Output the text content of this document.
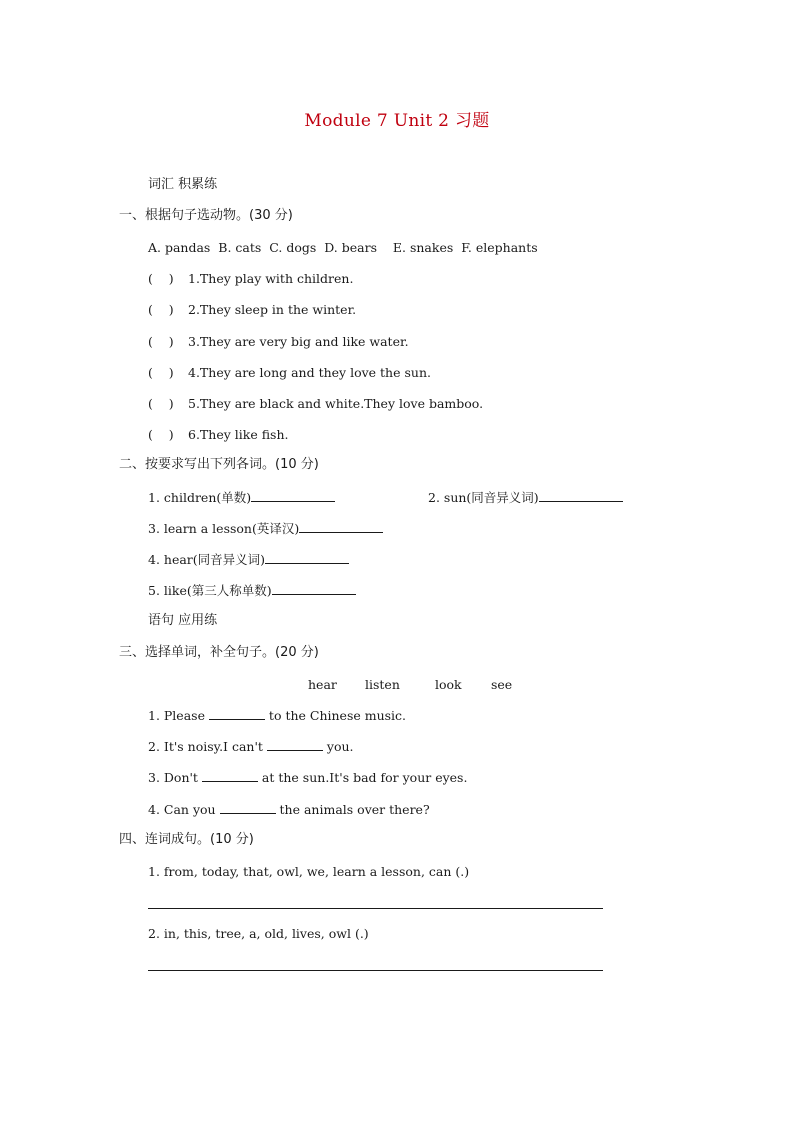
Module 7 Unit 2 习题
词汇 积累练
一、根据句子选动物。(30 分)
A. pandas  B. cats  C. dogs  D. bears    E. snakes  F. elephants
(    ) 1.They play with children.
(    ) 2.They sleep in the winter.
(    ) 3.They are very big and like water.
(    ) 4.They are long and they love the sun.
(    ) 5.They are black and white.They love bamboo.
(    ) 6.They like fish.
二、按要求写出下列各词。(10 分)
1. children(单数)	2. sun(同音异义词)
3. learn a lesson(英译汉)
4. hear(同音异义词)
5. like(第三人称单数)
语句 应用练
三、选择单词，补全句子。(20 分)
hear listen	look see
1. Please	to the Chinese music.
2. It's noisy.I can't	you.
3. Don't	at the sun.It's bad for your eyes.
4. Can you	the animals over there?
四、连词成句。(10 分)
1. from, today, that, owl, we, learn a lesson, can (.)
2. in, this, tree, a, old, lives, owl (.)
